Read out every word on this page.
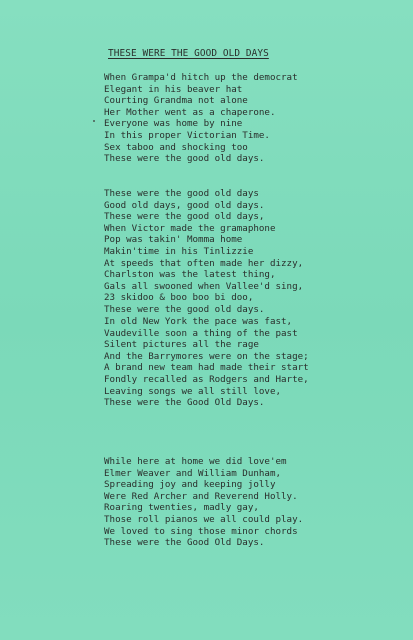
THESE WERE THE GOOD OLD DAYS
When Grampa'd hitch up the democrat
Elegant in his beaver hat
Courting Grandma not alone
Her Mother went as a chaperone.
Everyone was home by nine
In this proper Victorian Time.
Sex taboo and shocking too
These were the good old days.
These were the good old days
Good old days, good old days.
These were the good old days,
When Victor made the gramaphone
Pop was takin' Momma home
Makin'time in his Tinlizzie
At speeds that often made her dizzy,
Charlston was the latest thing,
Gals all swooned when Vallee'd sing,
23 skidoo & boo boo bi doo,
These were the good old days.
In old New York the pace was fast,
Vaudeville soon a thing of the past
Silent pictures all the rage
And the Barrymores were on the stage;
A brand new team had made their start
Fondly recalled as Rodgers and Harte,
Leaving songs we all still love,
These were the Good Old Days.
While here at home we did love'em
Elmer Weaver and William Dunham,
Spreading joy and keeping jolly
Were Red Archer and Reverend Holly.
Roaring twenties, madly gay,
Those roll pianos we all could play.
We loved to sing those minor chords
These were the Good Old Days.
